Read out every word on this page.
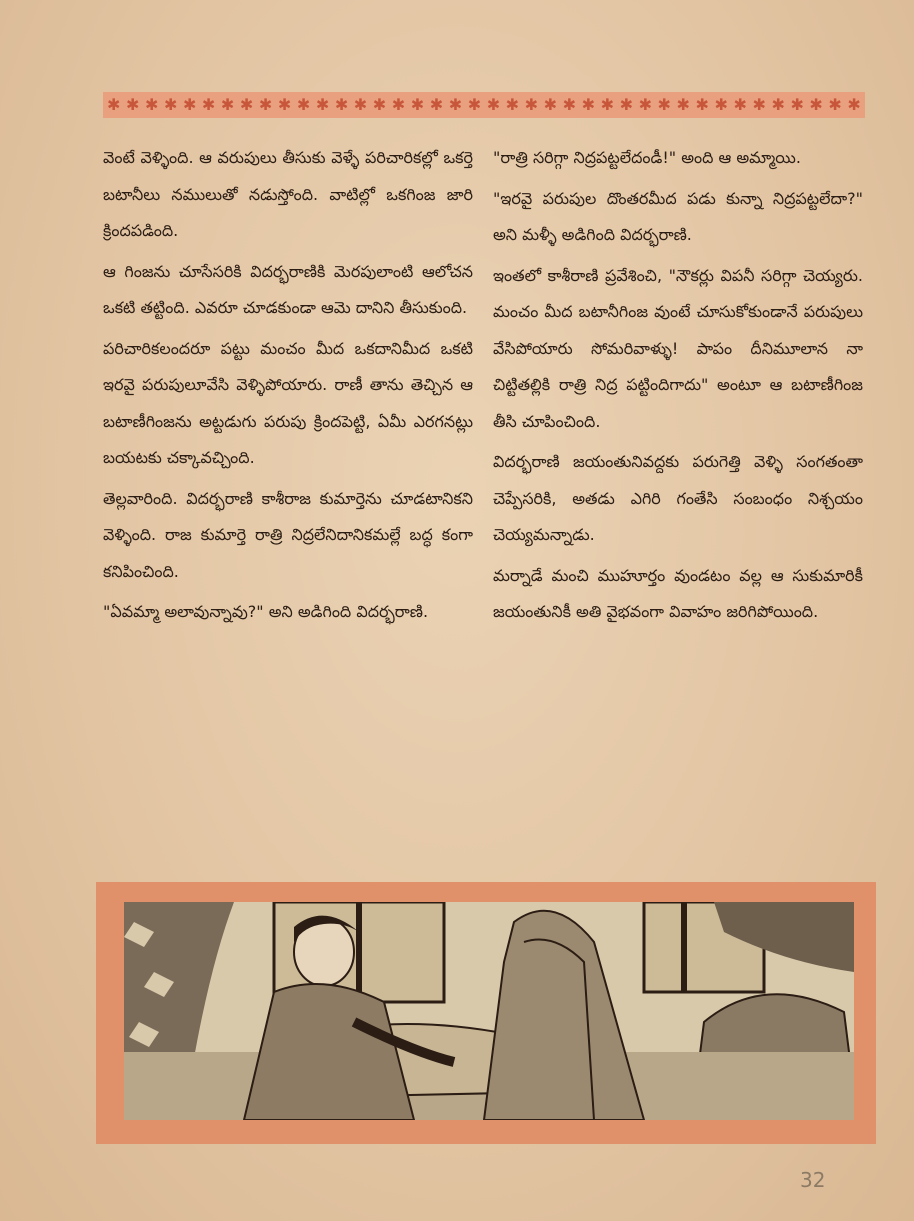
✱ ✱ ✱ ✱ ✱ ✱ ✱ ✱ ✱ ✱ ✱ ✱ ✱ ✱ ✱ ✱ ✱ ✱ ✱ ✱ ✱ ✱ ✱ ✱ ✱ ✱ ✱ ✱ ✱ ✱ ✱ ✱ ✱ ✱ ✱ ✱ ✱ ✱ ✱ ✱

వెంటే వెళ్ళింది. ఆ వరుపులు తీసుకు వెళ్ళే పరిచారికల్లో ఒకర్తె బటానీలు నములుతో నడుస్తోంది. వాటిల్లో ఒకగింజ జారి క్రిందపడింది.

ఆ గింజను చూసేసరికి విదర్భరాణికి మెరపులాంటి ఆలోచన ఒకటి తట్టింది. ఎవరూ చూడకుండా ఆమె దానిని తీసుకుంది.

పరిచారికలందరూ పట్టు మంచం మీద ఒకదానిమీద ఒకటి ఇరవై పరుపులూవేసి వెళ్ళిపోయారు. రాణీ తాను తెచ్చిన ఆ బటాణీగింజను అట్టడుగు పరుపు క్రిందపెట్టి, ఏమీ ఎరగనట్లు బయటకు చక్కావచ్చింది.

తెల్లవారింది. విదర్భరాణి కాశీరాజ కుమార్తెను చూడటానికని వెళ్ళింది. రాజ కుమార్తె రాత్రి నిద్రలేనిదానికమల్లే బద్ధ కంగా కనిపించింది.

"ఏవమ్మా అలావున్నావు?" అని అడిగింది విదర్భరాణి.

"రాత్రి సరిగ్గా నిద్రపట్టలేదండీ!" అంది ఆ అమ్మాయి.

"ఇరవై పరుపుల దొంతరమీద పడు కున్నా నిద్రపట్టలేదా?" అని మళ్ళీ అడిగింది విదర్భరాణి.

ఇంతలో కాశీరాణి ప్రవేశించి, "నౌకర్లు విపనీ సరిగ్గా చెయ్యరు. మంచం మీద బటానీగింజ వుంటే చూసుకోకుండానే పరుపులు వేసిపోయారు సోమరివాళ్ళు! పాపం దీనిమూలాన నా చిట్టితల్లికి రాత్రి నిద్ర పట్టిందిగాదు" అంటూ ఆ బటాణీగింజ తీసి చూపించింది.

విదర్భరాణి జయంతునివద్దకు పరుగెత్తి వెళ్ళి సంగతంతా చెప్పేసరికి, అతడు ఎగిరి గంతేసి సంబంధం నిశ్చయం చెయ్యమన్నాడు.

మర్నాడే మంచి ముహూర్తం వుండటం వల్ల ఆ సుకుమారికీ జయంతునికీ అతి వైభవంగా వివాహం జరిగిపోయింది.

32
